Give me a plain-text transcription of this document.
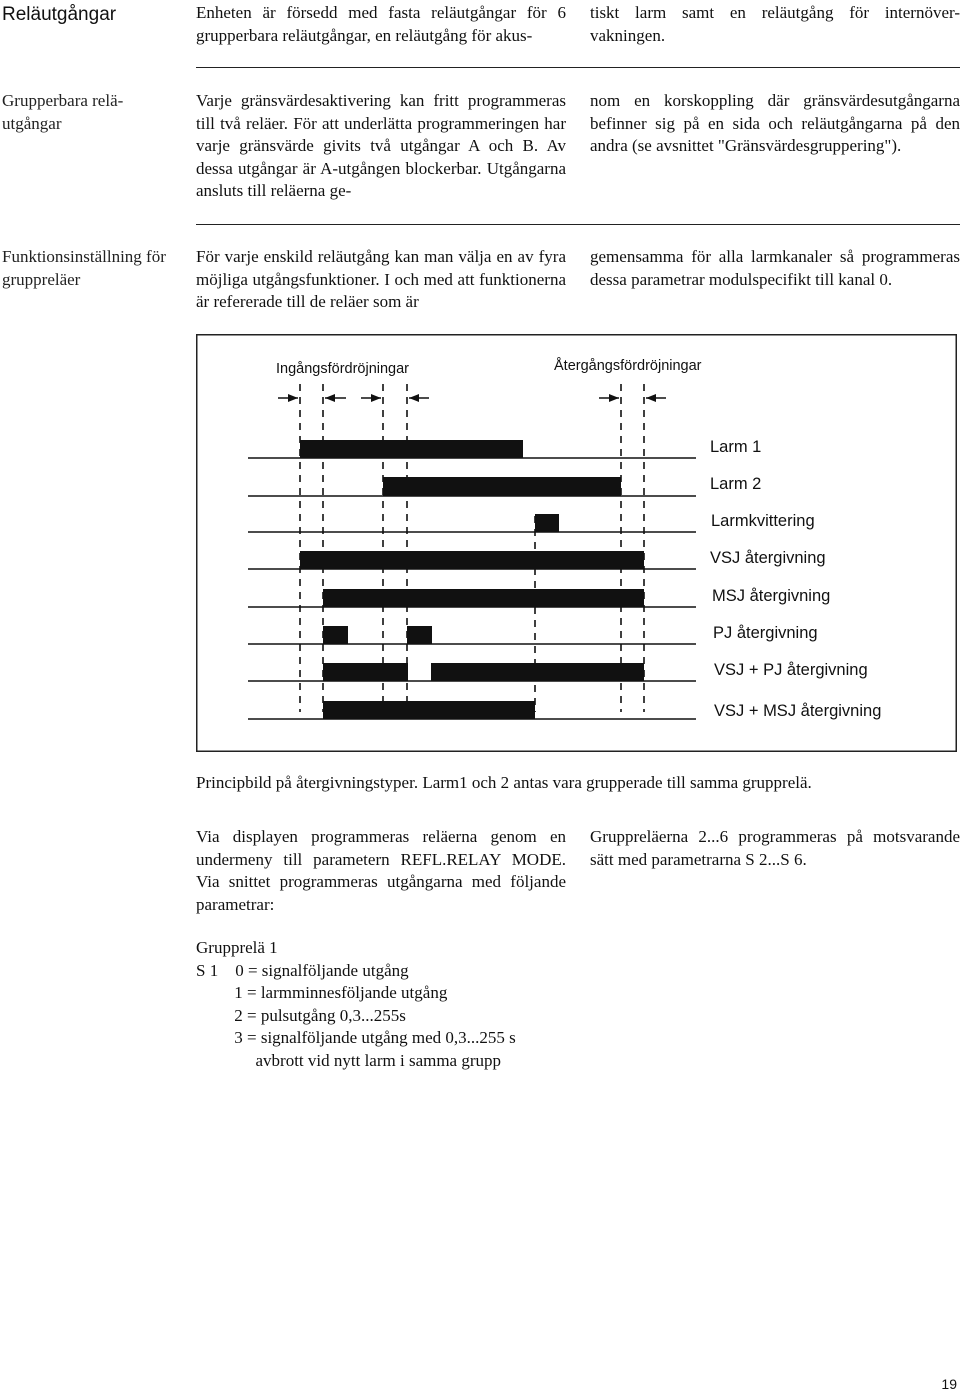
Reläutgångar	Enheten är försedd med fasta reläutgångar för 6 grupperbara reläutgångar, en reläutgång för akus-
tiskt larm samt en reläutgång för internöver-vakningen.
Grupperbara relä-utgångar
Varje gränsvärdesaktivering kan fritt programmeras till två reläer. För att underlätta programmeringen har varje gränsvärde givits två utgångar A och B. Av dessa utgångar är A-utgången blockerbar. Utgångarna ansluts till reläerna ge-
nom en korskoppling där gränsvärdesutgångarna befinner sig på en sida och reläutgångarna på den andra (se avsnittet "Gränsvärdesgruppering").
Funktionsinställning för gruppreläer
För varje enskild reläutgång kan man välja en av fyra möjliga utgångsfunktioner. I och med att funktionerna är refererade till de reläer som är
gemensamma för alla larmkanaler så programmeras dessa parametrar modulspecifikt till kanal 0.
Ingångsfördröjningar	Återgångsfördröjningar
Larm 1
Larm 2
Larmkvittering
VSJ återgivning
MSJ återgivning
PJ återgivning
VSJ + PJ återgivning
VSJ + MSJ återgivning
Principbild på återgivningstyper. Larm1 och 2 antas vara grupperade till samma grupprelä.
Via displayen programmeras reläerna genom en undermeny till parametern REFL.RELAY MODE. Via snittet programmeras utgångarna med följande parametrar:
Gruppreläerna 2...6 programmeras på motsvarande sätt med parametrarna S 2...S 6.

Grupprelä 1

S 1    0 = signalföljande utgång

1 = larmminnesföljande utgång

2 = pulsutgång 0,3...255s

3 = signalföljande utgång med 0,3...255 s

avbrott vid nytt larm i samma grupp

19
